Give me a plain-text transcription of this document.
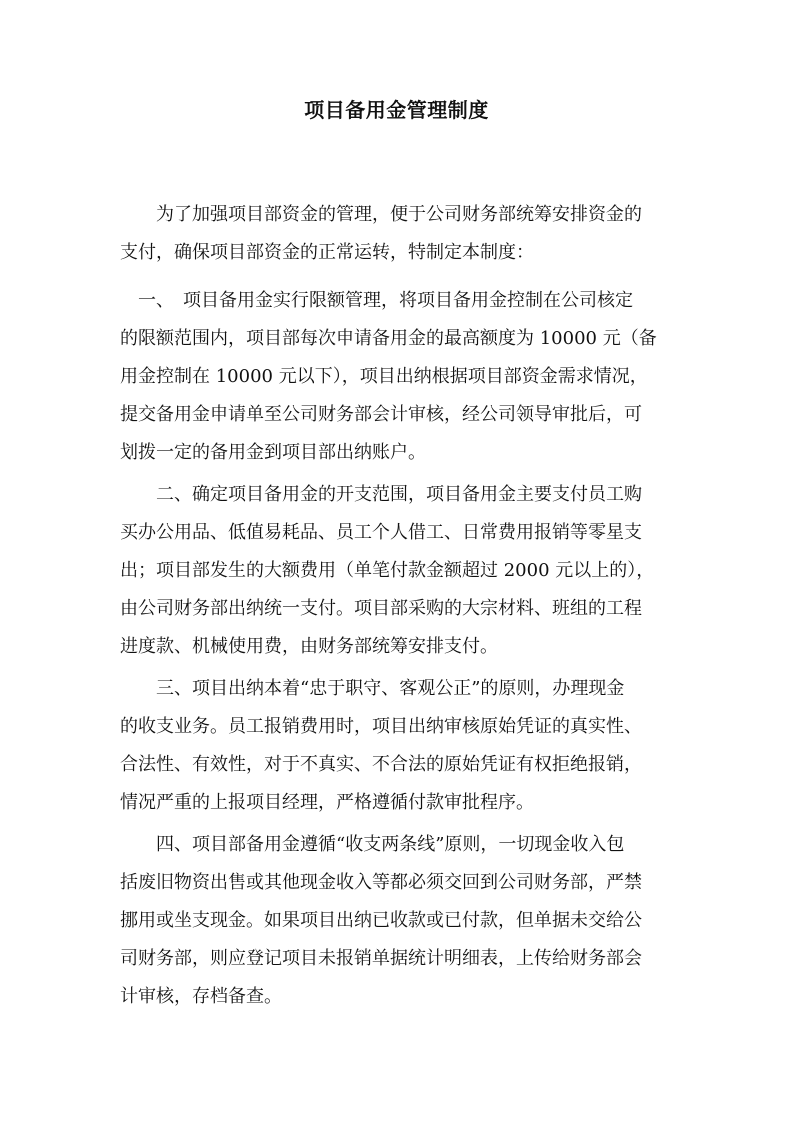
项目备用金管理制度
　　为了加强项目部资金的管理，便于公司财务部统筹安排资金的
支付，确保项目部资金的正常运转，特制定本制度：
　一、　项目备用金实行限额管理，将项目备用金控制在公司核定
的限额范围内，项目部每次申请备用金的最高额度为 10000 元（备
用金控制在 10000 元以下），项目出纳根据项目部资金需求情况，
提交备用金申请单至公司财务部会计审核，经公司领导审批后，可
划拨一定的备用金到项目部出纳账户。
　　二、确定项目备用金的开支范围，项目备用金主要支付员工购
买办公用品、低值易耗品、员工个人借工、日常费用报销等零星支
出；项目部发生的大额费用（单笔付款金额超过 2000 元以上的），
由公司财务部出纳统一支付。项目部采购的大宗材料、班组的工程
进度款、机械使用费，由财务部统筹安排支付。
　　三、项目出纳本着“忠于职守、客观公正”的原则，办理现金
的收支业务。员工报销费用时，项目出纳审核原始凭证的真实性、
合法性、有效性，对于不真实、不合法的原始凭证有权拒绝报销，
情况严重的上报项目经理，严格遵循付款审批程序。
　　四、项目部备用金遵循“收支两条线”原则，一切现金收入包
括废旧物资出售或其他现金收入等都必须交回到公司财务部，严禁
挪用或坐支现金。如果项目出纳已收款或已付款，但单据未交给公
司财务部，则应登记项目未报销单据统计明细表，上传给财务部会
计审核，存档备查。
